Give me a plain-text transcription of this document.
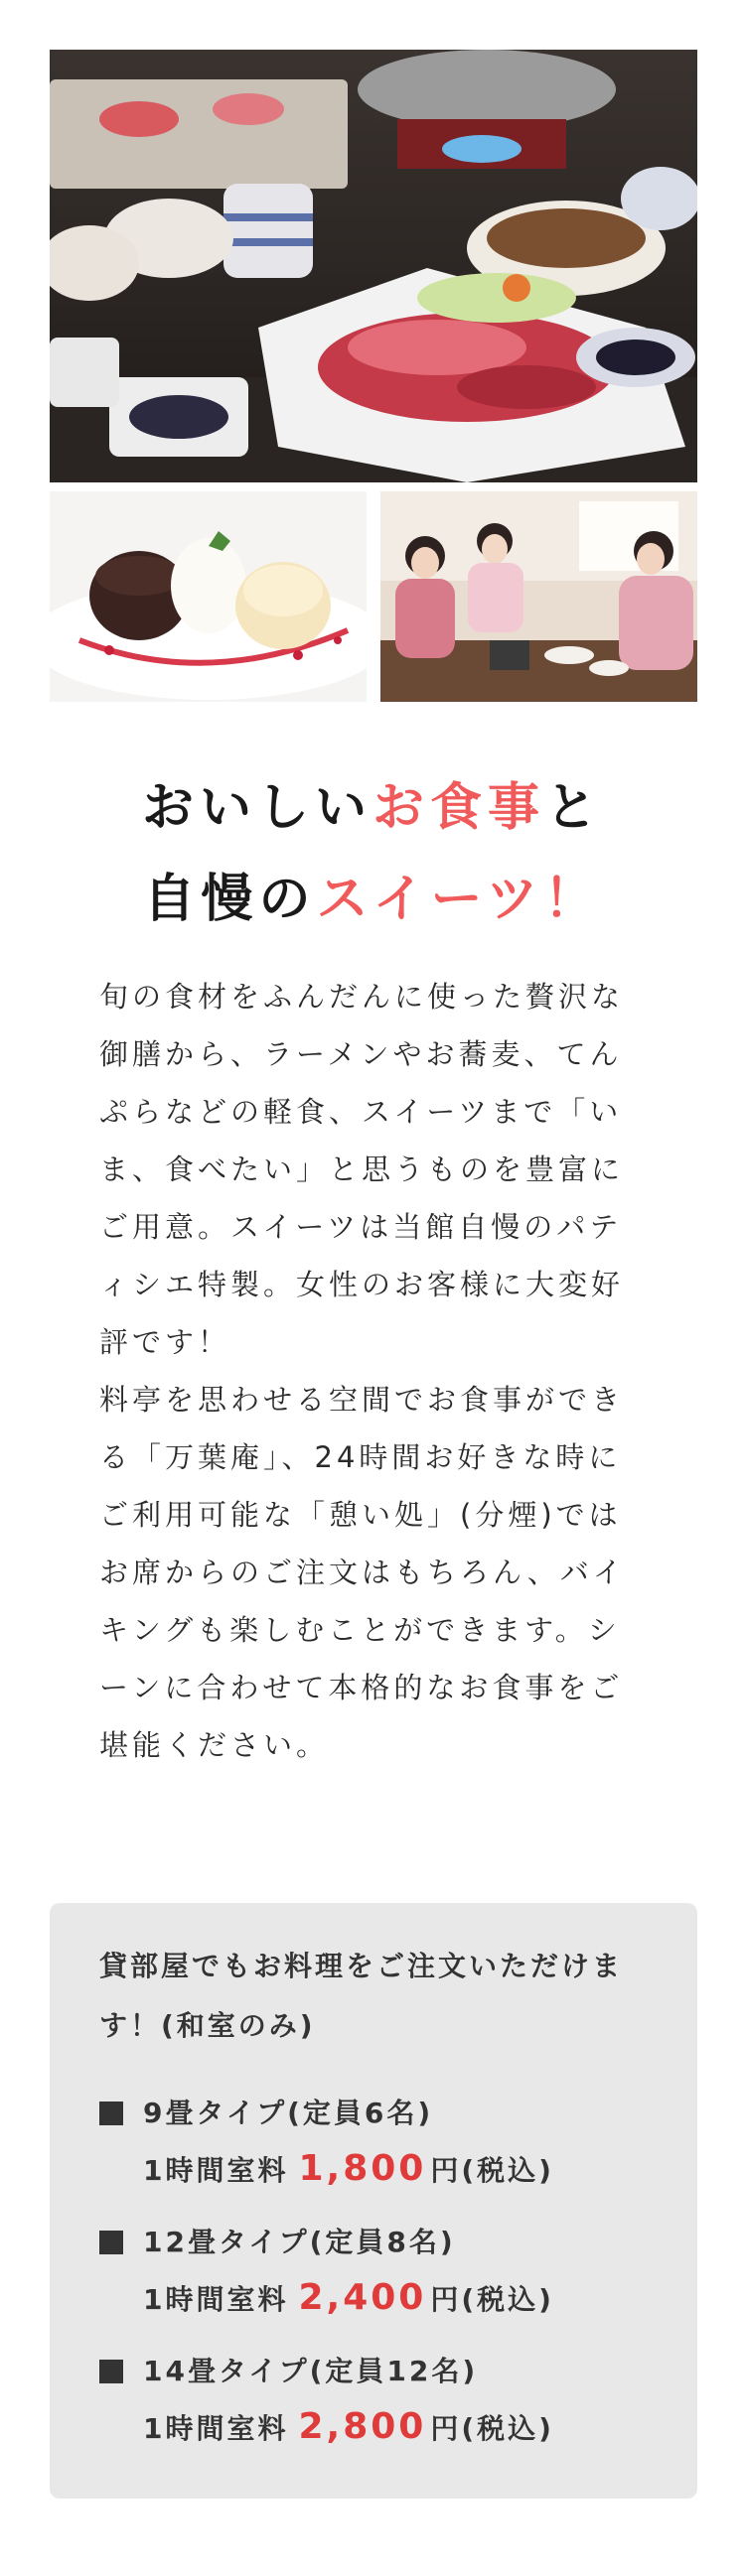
おいしいお食事と
自慢のスイーツ！

旬の食材をふんだんに使った贅沢な御膳から、ラーメンやお蕎麦、てんぷらなどの軽食、スイーツまで「いま、食べたい」と思うものを豊富にご用意。スイーツは当館自慢のパティシエ特製。女性のお客様に大変好評です！

料亭を思わせる空間でお食事ができる「万葉庵」、24時間お好きな時にご利用可能な「憩い処」(分煙)ではお席からのご注文はもちろん、バイキングも楽しむことができます。シーンに合わせて本格的なお食事をご堪能ください。

貸部屋でもお料理をご注文いただけます！(和室のみ)
9畳タイプ(定員6名)
1時間室料 1,800 円(税込)
12畳タイプ(定員8名)
1時間室料 2,400 円(税込)
14畳タイプ(定員12名)
1時間室料 2,800 円(税込)
